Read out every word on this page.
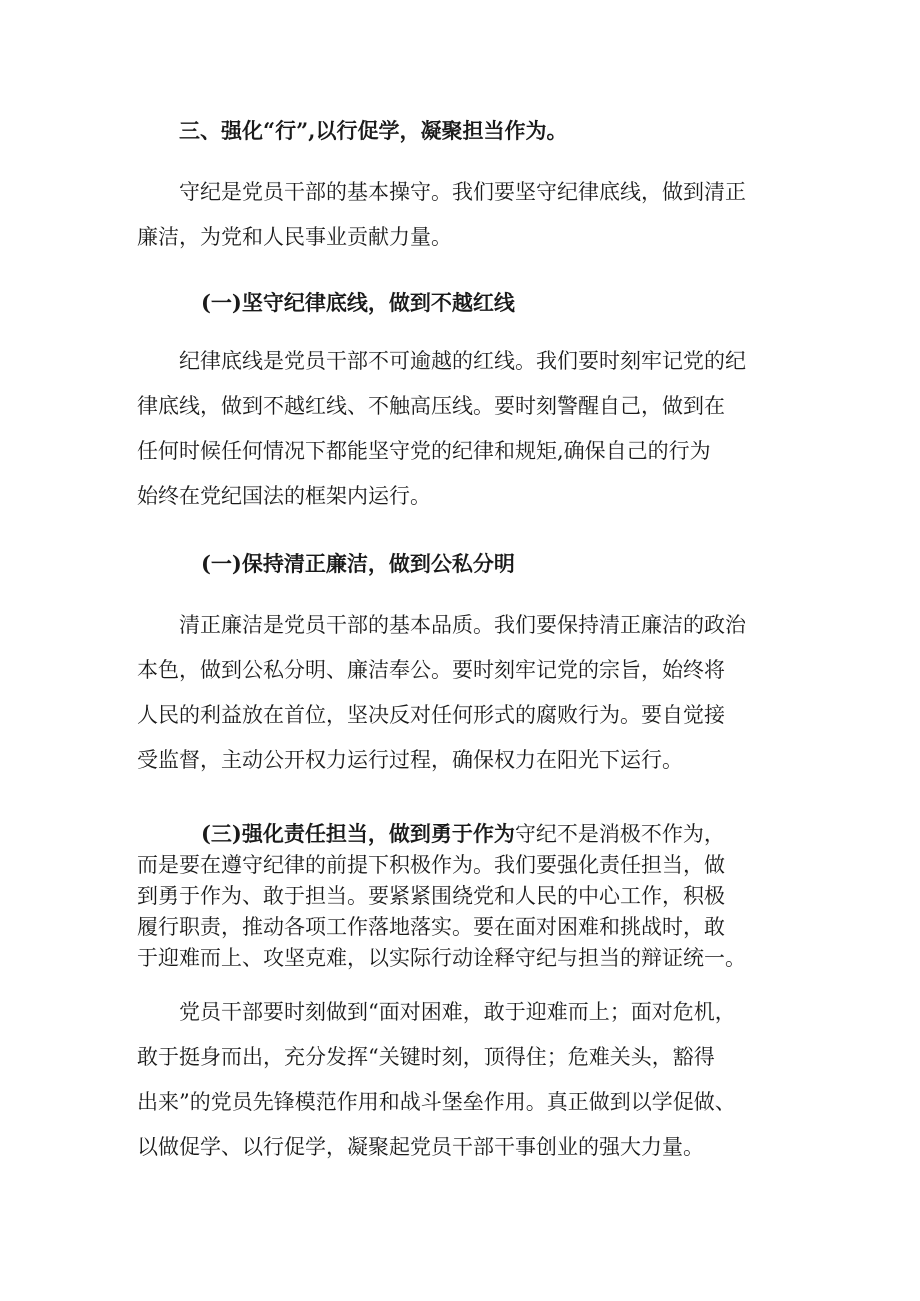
三、强化“行”,以行促学，凝聚担当作为。

守纪是党员干部的基本操守。我们要坚守纪律底线，做到清正
廉洁，为党和人民事业贡献力量。

(一)坚守纪律底线，做到不越红线

纪律底线是党员干部不可逾越的红线。我们要时刻牢记党的纪
律底线，做到不越红线、不触高压线。要时刻警醒自己，做到在
任何时候任何情况下都能坚守党的纪律和规矩,确保自己的行为
始终在党纪国法的框架内运行。

(一)保持清正廉洁，做到公私分明

清正廉洁是党员干部的基本品质。我们要保持清正廉洁的政治
本色，做到公私分明、廉洁奉公。要时刻牢记党的宗旨，始终将
人民的利益放在首位，坚决反对任何形式的腐败行为。要自觉接
受监督，主动公开权力运行过程，确保权力在阳光下运行。

(三)强化责任担当，做到勇于作为守纪不是消极不作为，
而是要在遵守纪律的前提下积极作为。我们要强化责任担当，做
到勇于作为、敢于担当。要紧紧围绕党和人民的中心工作，积极
履行职责，推动各项工作落地落实。要在面对困难和挑战时，敢
于迎难而上、攻坚克难，以实际行动诠释守纪与担当的辩证统一。

党员干部要时刻做到“面对困难，敢于迎难而上；面对危机，
敢于挺身而出，充分发挥“关键时刻，顶得住；危难关头，豁得
出来”的党员先锋模范作用和战斗堡垒作用。真正做到以学促做、
以做促学、以行促学，凝聚起党员干部干事创业的强大力量。
